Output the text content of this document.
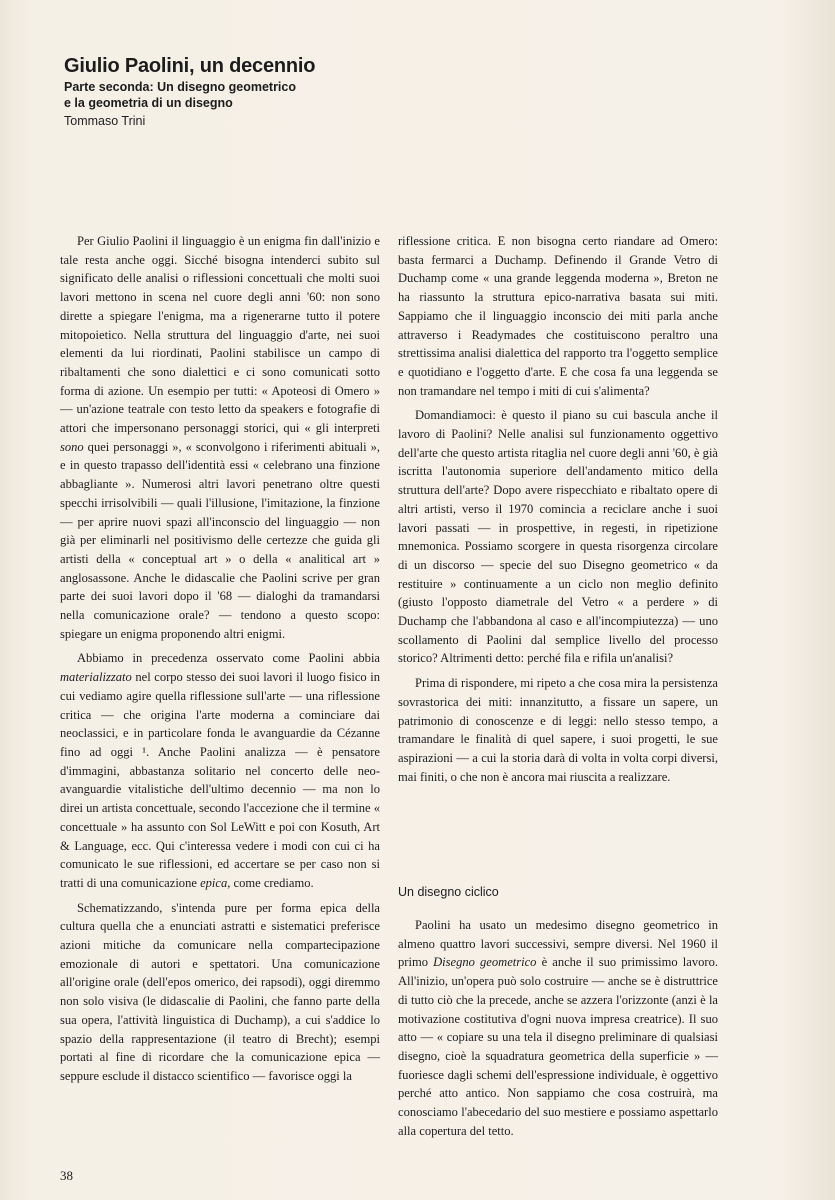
Giulio Paolini, un decennio
Parte seconda: Un disegno geometrico
e la geometria di un disegno
Tommaso Trini

Per Giulio Paolini il linguaggio è un enigma fin dall'inizio e tale resta anche oggi. Sicché bisogna intenderci subito sul significato delle analisi o riflessioni concettuali che molti suoi lavori mettono in scena nel cuore degli anni '60: non sono dirette a spiegare l'enigma, ma a rigenerarne tutto il potere mitopoietico. Nella struttura del linguaggio d'arte, nei suoi elementi da lui riordinati, Paolini stabilisce un campo di ribaltamenti che sono dialettici e ci sono comunicati sotto forma di azione. Un esempio per tutti: « Apoteosi di Omero » — un'azione teatrale con testo letto da speakers e fotografie di attori che impersonano personaggi storici, qui « gli interpreti sono quei personaggi », « sconvolgono i riferimenti abituali », e in questo trapasso dell'identità essi « celebrano una finzione abbagliante ». Numerosi altri lavori penetrano oltre questi specchi irrisolvibili — quali l'illusione, l'imitazione, la finzione — per aprire nuovi spazi all'inconscio del linguaggio — non già per eliminarli nel positivismo delle certezze che guida gli artisti della « conceptual art » o della « analitical art » anglosassone. Anche le didascalie che Paolini scrive per gran parte dei suoi lavori dopo il '68 — dialoghi da tramandarsi nella comunicazione orale? — tendono a questo scopo: spiegare un enigma proponendo altri enigmi.

Abbiamo in precedenza osservato come Paolini abbia materializzato nel corpo stesso dei suoi lavori il luogo fisico in cui vediamo agire quella riflessione sull'arte — una riflessione critica — che origina l'arte moderna a cominciare dai neoclassici, e in particolare fonda le avanguardie da Cézanne fino ad oggi ¹. Anche Paolini analizza — è pensatore d'immagini, abbastanza solitario nel concerto delle neo-avanguardie vitalistiche dell'ultimo decennio — ma non lo direi un artista concettuale, secondo l'accezione che il termine « concettuale » ha assunto con Sol LeWitt e poi con Kosuth, Art & Language, ecc. Qui c'interessa vedere i modi con cui ci ha comunicato le sue riflessioni, ed accertare se per caso non si tratti di una comunicazione epica, come crediamo.

Schematizzando, s'intenda pure per forma epica della cultura quella che a enunciati astratti e sistematici preferisce azioni mitiche da comunicare nella compartecipazione emozionale di autori e spettatori. Una comunicazione all'origine orale (dell'epos omerico, dei rapsodi), oggi diremmo non solo visiva (le didascalie di Paolini, che fanno parte della sua opera, l'attività linguistica di Duchamp), a cui s'addice lo spazio della rappresentazione (il teatro di Brecht); esempi portati al fine di ricordare che la comunicazione epica — seppure esclude il distacco scientifico — favorisce oggi la

riflessione critica. E non bisogna certo riandare ad Omero: basta fermarci a Duchamp. Definendo il Grande Vetro di Duchamp come « una grande leggenda moderna », Breton ne ha riassunto la struttura epico-narrativa basata sui miti. Sappiamo che il linguaggio inconscio dei miti parla anche attraverso i Readymades che costituiscono peraltro una strettissima analisi dialettica del rapporto tra l'oggetto semplice e quotidiano e l'oggetto d'arte. E che cosa fa una leggenda se non tramandare nel tempo i miti di cui s'alimenta?

Domandiamoci: è questo il piano su cui bascula anche il lavoro di Paolini? Nelle analisi sul funzionamento oggettivo dell'arte che questo artista ritaglia nel cuore degli anni '60, è già iscritta l'autonomia superiore dell'andamento mitico della struttura dell'arte? Dopo avere rispecchiato e ribaltato opere di altri artisti, verso il 1970 comincia a reciclare anche i suoi lavori passati — in prospettive, in regesti, in ripetizione mnemonica. Possiamo scorgere in questa risorgenza circolare di un discorso — specie del suo Disegno geometrico « da restituire » continuamente a un ciclo non meglio definito (giusto l'opposto diametrale del Vetro « a perdere » di Duchamp che l'abbandona al caso e all'incompiutezza) — uno scollamento di Paolini dal semplice livello del processo storico? Altrimenti detto: perché fila e rifila un'analisi?

Prima di rispondere, mi ripeto a che cosa mira la persistenza sovrastorica dei miti: innanzitutto, a fissare un sapere, un patrimonio di conoscenze e di leggi: nello stesso tempo, a tramandare le finalità di quel sapere, i suoi progetti, le sue aspirazioni — a cui la storia darà di volta in volta corpi diversi, mai finiti, o che non è ancora mai riuscita a realizzare.

Un disegno ciclico

Paolini ha usato un medesimo disegno geometrico in almeno quattro lavori successivi, sempre diversi. Nel 1960 il primo Disegno geometrico è anche il suo primissimo lavoro. All'inizio, un'opera può solo costruire — anche se è distruttrice di tutto ciò che la precede, anche se azzera l'orizzonte (anzi è la motivazione costitutiva d'ogni nuova impresa creatrice). Il suo atto — « copiare su una tela il disegno preliminare di qualsiasi disegno, cioè la squadratura geometrica della superficie » — fuoriesce dagli schemi dell'espressione individuale, è oggettivo perché atto antico. Non sappiamo che cosa costruirà, ma conosciamo l'abecedario del suo mestiere e possiamo aspettarlo alla copertura del tetto.

38
